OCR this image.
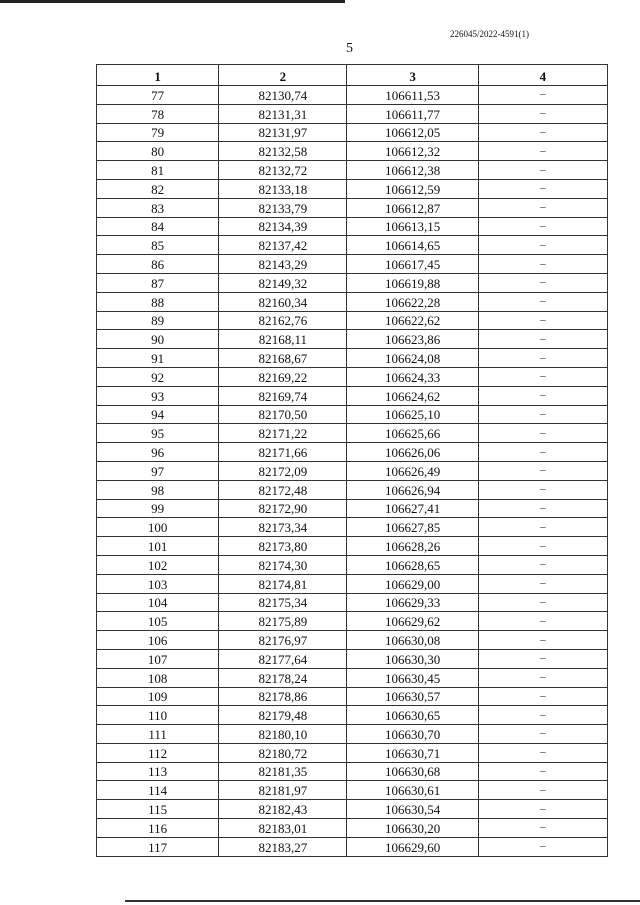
226045/2022-4591(1)
5
1	2	3	4
77	82130,74	106611,53	–
78	82131,31	106611,77	–
79	82131,97	106612,05	–
80	82132,58	106612,32	–
81	82132,72	106612,38	–
82	82133,18	106612,59	–
83	82133,79	106612,87	–
84	82134,39	106613,15	–
85	82137,42	106614,65	–
86	82143,29	106617,45	–
87	82149,32	106619,88	–
88	82160,34	106622,28	–
89	82162,76	106622,62	–
90	82168,11	106623,86	–
91	82168,67	106624,08	–
92	82169,22	106624,33	–
93	82169,74	106624,62	–
94	82170,50	106625,10	–
95	82171,22	106625,66	–
96	82171,66	106626,06	–
97	82172,09	106626,49	–
98	82172,48	106626,94	–
99	82172,90	106627,41	–
100	82173,34	106627,85	–
101	82173,80	106628,26	–
102	82174,30	106628,65	–
103	82174,81	106629,00	–
104	82175,34	106629,33	–
105	82175,89	106629,62	–
106	82176,97	106630,08	–
107	82177,64	106630,30	–
108	82178,24	106630,45	–
109	82178,86	106630,57	–
110	82179,48	106630,65	–
111	82180,10	106630,70	–
112	82180,72	106630,71	–
113	82181,35	106630,68	–
114	82181,97	106630,61	–
115	82182,43	106630,54	–
116	82183,01	106630,20	–
117	82183,27	106629,60	–
